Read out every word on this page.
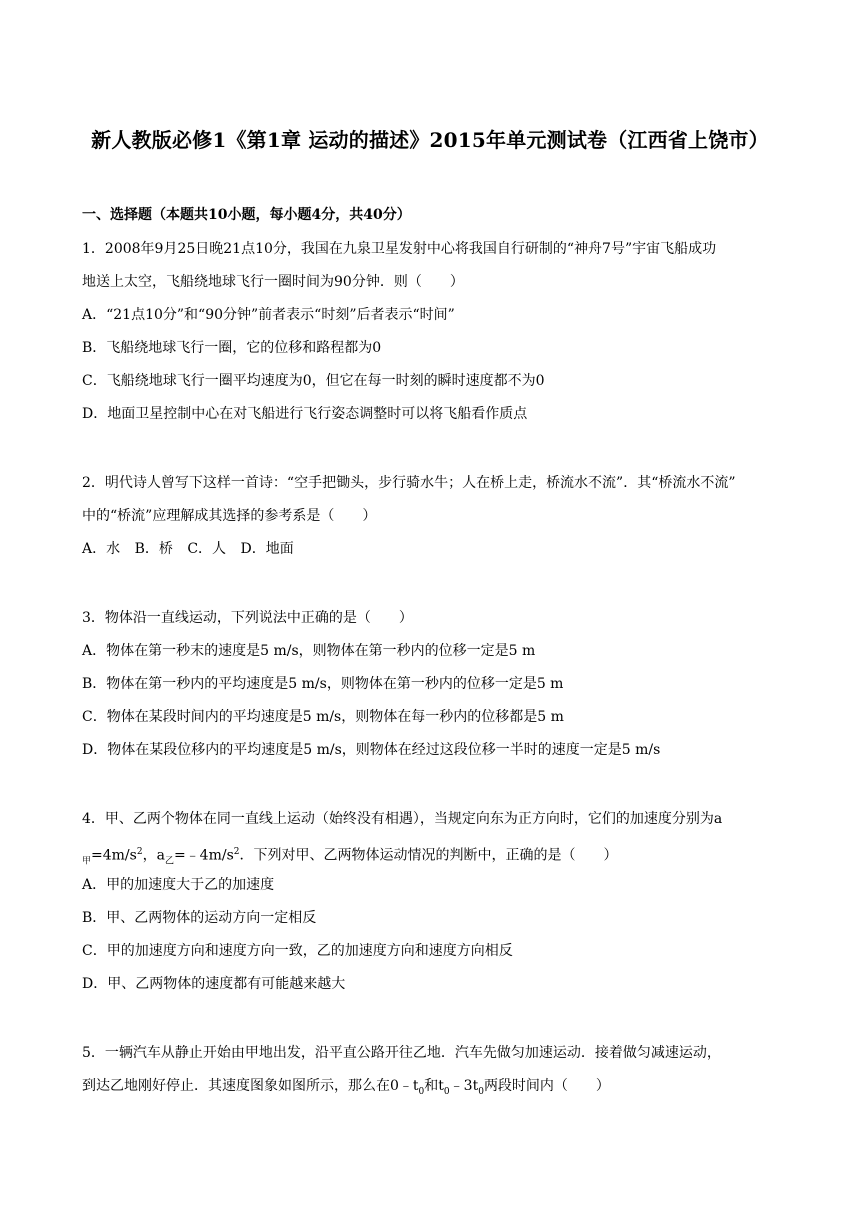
新人教版必修1《第1章 运动的描述》2015年单元测试卷（江西省上饶市）
一、选择题（本题共10小题，每小题4分，共40分）
1．2008年9月25日晚21点10分，我国在九泉卫星发射中心将我国自行研制的“神舟7号”宇宙飞船成功
地送上太空，飞船绕地球飞行一圈时间为90分钟．则（　　）
A．“21点10分”和“90分钟”前者表示“时刻”后者表示“时间”
B．飞船绕地球飞行一圈，它的位移和路程都为0
C．飞船绕地球飞行一圈平均速度为0，但它在每一时刻的瞬时速度都不为0
D．地面卫星控制中心在对飞船进行飞行姿态调整时可以将飞船看作质点
2．明代诗人曾写下这样一首诗：“空手把锄头，步行骑水牛；人在桥上走，桥流水不流”．其“桥流水不流”
中的“桥流”应理解成其选择的参考系是（　　）
A．水 B．桥 C．人 D．地面
3．物体沿一直线运动，下列说法中正确的是（　　）
A．物体在第一秒末的速度是5 m/s，则物体在第一秒内的位移一定是5 m
B．物体在第一秒内的平均速度是5 m/s，则物体在第一秒内的位移一定是5 m
C．物体在某段时间内的平均速度是5 m/s，则物体在每一秒内的位移都是5 m
D．物体在某段位移内的平均速度是5 m/s，则物体在经过这段位移一半时的速度一定是5 m/s
4．甲、乙两个物体在同一直线上运动（始终没有相遇），当规定向东为正方向时，它们的加速度分别为a
$_甲=4m/s^2$，$a_乙=﹣4m/s^2$．下列对甲、乙两物体运动情况的判断中，正确的是（　　）
A．甲的加速度大于乙的加速度
B．甲、乙两物体的运动方向一定相反
C．甲的加速度方向和速度方向一致，乙的加速度方向和速度方向相反
D．甲、乙两物体的速度都有可能越来越大
5．一辆汽车从静止开始由甲地出发，沿平直公路开往乙地．汽车先做匀加速运动．接着做匀减速运动，
到达乙地刚好停止．其速度图象如图所示，那么在$0﹣t_0$和$t_0﹣3t_0$两段时间内（　　）
